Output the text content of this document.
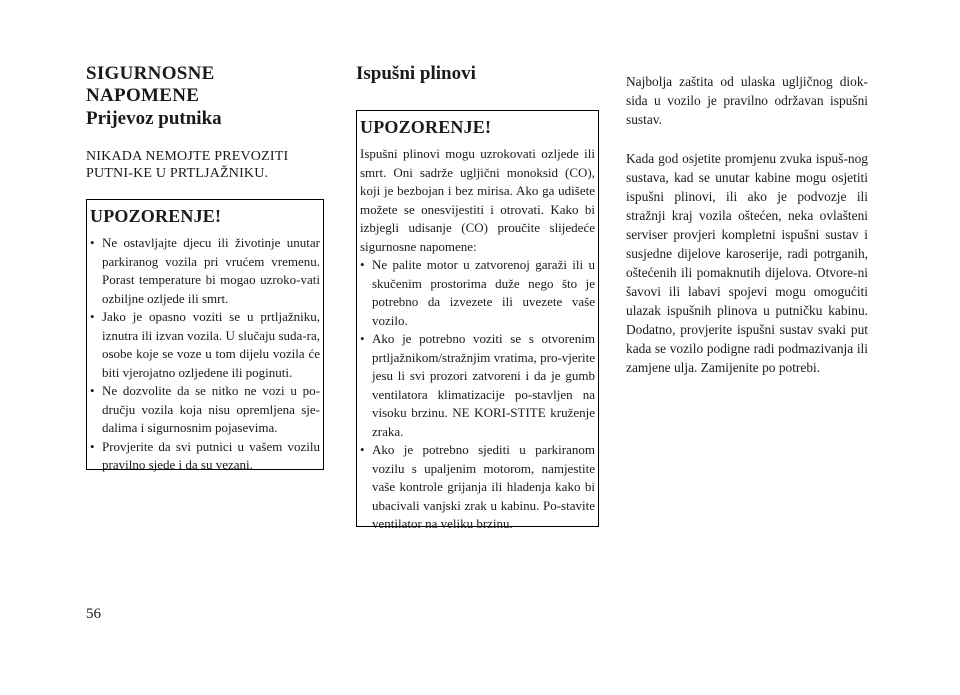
SIGURNOSNE NAPOMENE
Prijevoz putnika

NIKADA NEMOJTE PREVOZITI PUTNI-KE U PRTLJAŽNIKU.

UPOZORENJE!

• Ne ostavljajte djecu ili životinje unutar parkiranog vozila pri vrućem vremenu. Porast temperature bi mogao uzroko-vati ozbiljne ozljede ili smrt.
• Jako je opasno voziti se u prtljažniku, iznutra ili izvan vozila. U slučaju suda-ra, osobe koje se voze u tom dijelu vozila će biti vjerojatno ozljedene ili poginuti.
• Ne dozvolite da se nitko ne vozi u po-dručju vozila koja nisu opremljena sje-dalima i sigurnosnim pojasevima.
• Provjerite da svi putnici u vašem vozilu pravilno sjede i da su vezani.
Ispušni plinovi

UPOZORENJE!

Ispušni plinovi mogu uzrokovati ozljede ili smrt. Oni sadrže ugljični monoksid (CO), koji je bezbojan i bez mirisa. Ako ga udišete možete se onesvijestiti i otrovati. Kako bi izbjegli udisanje (CO) proučite slijedeće sigurnosne napomene:

• Ne palite motor u zatvorenoj garaži ili u skučenim prostorima duže nego što je potrebno da izvezete ili uvezete vaše vozilo.
• Ako je potrebno voziti se s otvorenim prtljažnikom/stražnjim vratima, pro-vjerite jesu li svi prozori zatvoreni i da je gumb ventilatora klimatizacije po-stavljen na visoku brzinu. NE KORI-STITE kruženje zraka.
• Ako je potrebno sjediti u parkiranom vozilu s upaljenim motorom, namjestite vaše kontrole grijanja ili hladenja kako bi ubacivali vanjski zrak u kabinu. Po-stavite ventilator na veliku brzinu.

Najbolja zaštita od ulaska ugljičnog diok-sida u vozilo je pravilno održavan ispušni sustav.

Kada god osjetite promjenu zvuka ispuš-nog sustava, kad se unutar kabine mogu osjetiti ispušni plinovi, ili ako je podvozje ili stražnji kraj vozila oštećen, neka ovlašteni serviser provjeri kompletni ispušni sustav i susjedne dijelove karoserije, radi potrganih, oštećenih ili pomaknutih dijelova. Otvore-ni šavovi ili labavi spojevi mogu omogućiti ulazak ispušnih plinova u putničku kabinu. Dodatno, provjerite ispušni sustav svaki put kada se vozilo podigne radi podmazivanja ili zamjene ulja. Zamijenite po potrebi.

56
